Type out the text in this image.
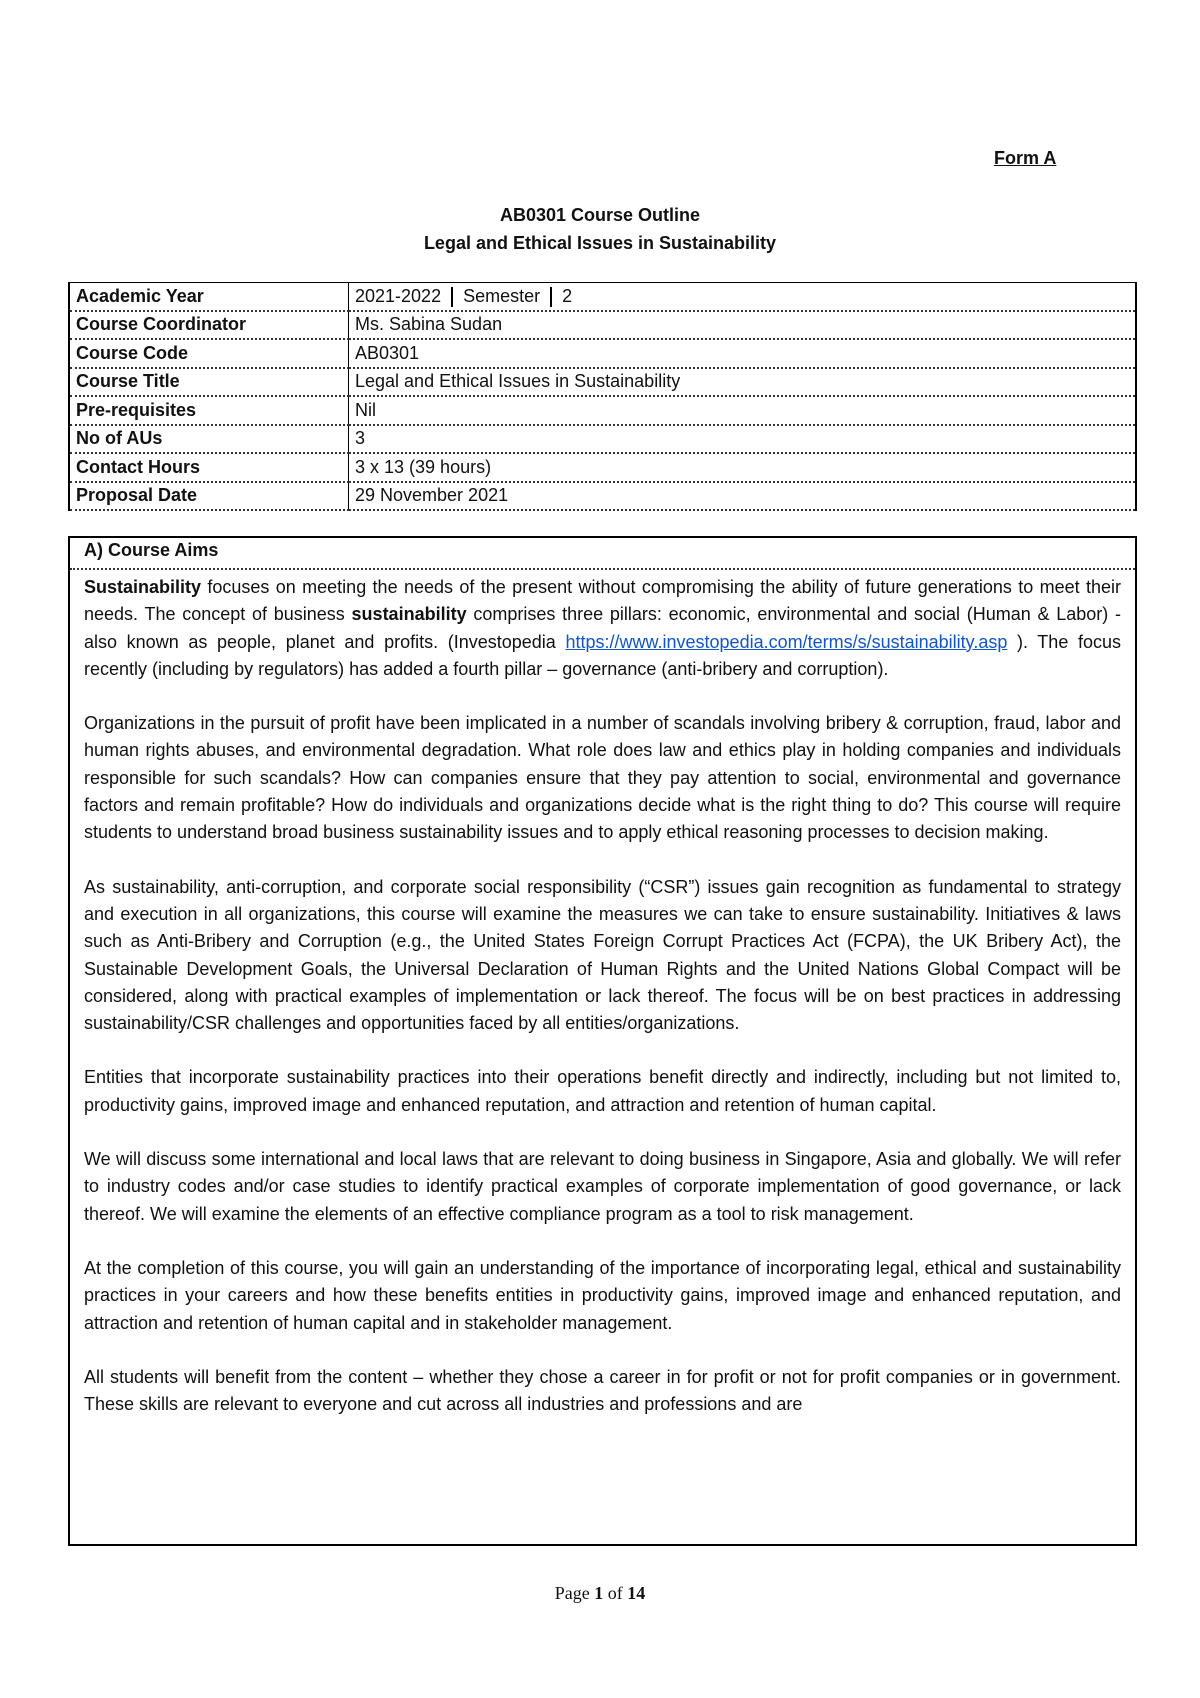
Form A
AB0301 Course Outline
Legal and Ethical Issues in Sustainability
Academic Year	2021-2022 Semester 2
Course Coordinator	Ms. Sabina Sudan
Course Code	AB0301
Course Title	Legal and Ethical Issues in Sustainability
Pre-requisites	Nil
No of AUs	3
Contact Hours	3 x 13 (39 hours)
Proposal Date	29 November 2021
A) Course Aims

Sustainability focuses on meeting the needs of the present without compromising the ability of future generations to meet their needs. The concept of business sustainability comprises three pillars: economic, environmental and social (Human & Labor) - also known as people, planet and profits. (Investopedia https://www.investopedia.com/terms/s/sustainability.asp ). The focus recently (including by regulators) has added a fourth pillar – governance (anti-bribery and corruption).

Organizations in the pursuit of profit have been implicated in a number of scandals involving bribery & corruption, fraud, labor and human rights abuses, and environmental degradation. What role does law and ethics play in holding companies and individuals responsible for such scandals? How can companies ensure that they pay attention to social, environmental and governance factors and remain profitable? How do individuals and organizations decide what is the right thing to do? This course will require students to understand broad business sustainability issues and to apply ethical reasoning processes to decision making.

As sustainability, anti-corruption, and corporate social responsibility (“CSR”) issues gain recognition as fundamental to strategy and execution in all organizations, this course will examine the measures we can take to ensure sustainability. Initiatives & laws such as Anti-Bribery and Corruption (e.g., the United States Foreign Corrupt Practices Act (FCPA), the UK Bribery Act), the Sustainable Development Goals, the Universal Declaration of Human Rights and the United Nations Global Compact will be considered, along with practical examples of implementation or lack thereof. The focus will be on best practices in addressing sustainability/CSR challenges and opportunities faced by all entities/organizations.

Entities that incorporate sustainability practices into their operations benefit directly and indirectly, including but not limited to, productivity gains, improved image and enhanced reputation, and attraction and retention of human capital.

We will discuss some international and local laws that are relevant to doing business in Singapore, Asia and globally. We will refer to industry codes and/or case studies to identify practical examples of corporate implementation of good governance, or lack thereof. We will examine the elements of an effective compliance program as a tool to risk management.

At the completion of this course, you will gain an understanding of the importance of incorporating legal, ethical and sustainability practices in your careers and how these benefits entities in productivity gains, improved image and enhanced reputation, and attraction and retention of human capital and in stakeholder management.

All students will benefit from the content – whether they chose a career in for profit or not for profit companies or in government. These skills are relevant to everyone and cut across all industries and professions and are

Page 1 of 14
